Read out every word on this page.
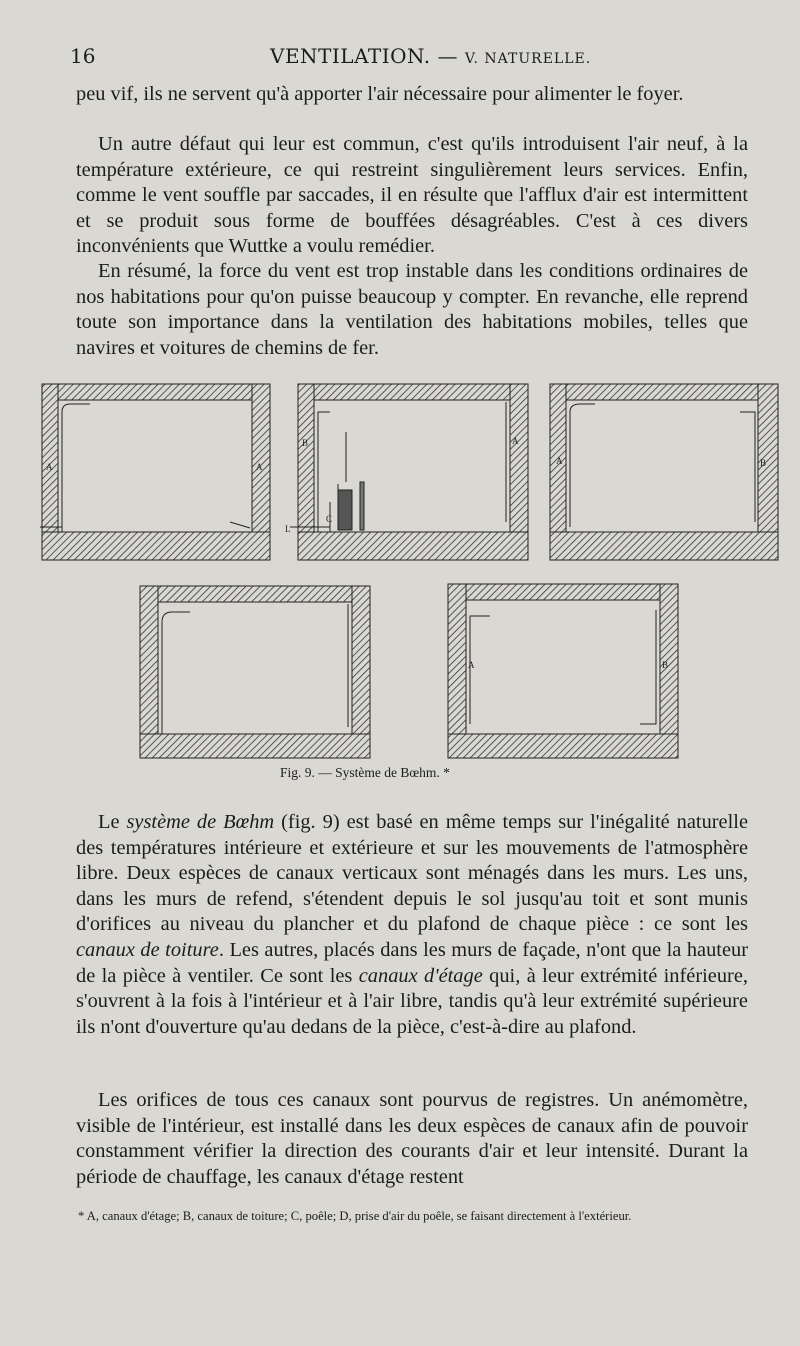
16	VENTILATION. — V. NATURELLE.

peu vif, ils ne servent qu'à apporter l'air nécessaire pour alimenter le foyer.

Un autre défaut qui leur est commun, c'est qu'ils introduisent l'air neuf, à la température extérieure, ce qui restreint singulièrement leurs services. Enfin, comme le vent souffle par saccades, il en résulte que l'afflux d'air est intermittent et se produit sous forme de bouffées désagréables. C'est à ces divers inconvénients que Wuttke a voulu remédier.

En résumé, la force du vent est trop instable dans les conditions ordinaires de nos habitations pour qu'on puisse beaucoup y compter. En revanche, elle reprend toute son importance dans la ventilation des habitations mobiles, telles que navires et voitures de chemins de fer.

A	A
B	A
C
L
A	B
A	B
Fig. 9. — Système de Bœhm. *

Le système de Bœhm (fig. 9) est basé en même temps sur l'inégalité naturelle des températures intérieure et extérieure et sur les mouvements de l'atmosphère libre. Deux espèces de canaux verticaux sont ménagés dans les murs. Les uns, dans les murs de refend, s'étendent depuis le sol jusqu'au toit et sont munis d'orifices au niveau du plancher et du plafond de chaque pièce : ce sont les canaux de toiture. Les autres, placés dans les murs de façade, n'ont que la hauteur de la pièce à ventiler. Ce sont les canaux d'étage qui, à leur extrémité inférieure, s'ouvrent à la fois à l'intérieur et à l'air libre, tandis qu'à leur extrémité supérieure ils n'ont d'ouverture qu'au dedans de la pièce, c'est-à-dire au plafond.

Les orifices de tous ces canaux sont pourvus de registres. Un anémomètre, visible de l'intérieur, est installé dans les deux espèces de canaux afin de pouvoir constamment vérifier la direction des courants d'air et leur intensité. Durant la période de chauffage, les canaux d'étage restent

* A, canaux d'étage; B, canaux de toiture; C, poêle; D, prise d'air du poêle, se faisant directement à l'extérieur.
